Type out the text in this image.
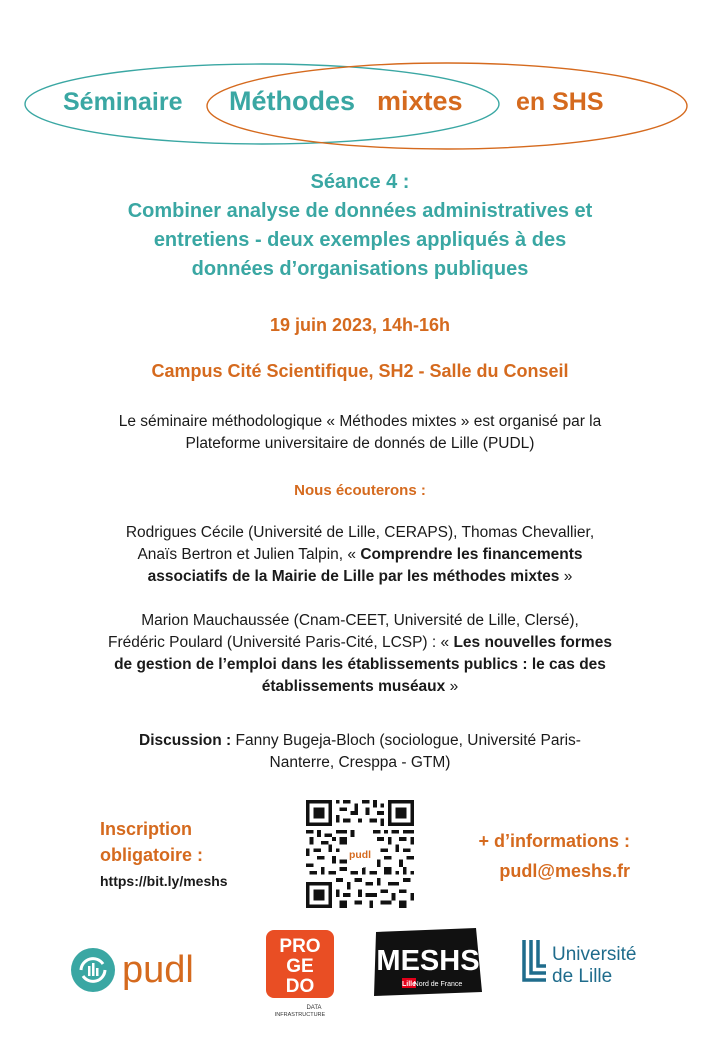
Séminaire Méthodes mixtes en SHS
Séance 4 :
Combiner analyse de données administratives et
entretiens - deux exemples appliqués à des
données d’organisations publiques
19 juin 2023, 14h-16h
Campus Cité Scientifique, SH2 - Salle du Conseil
Le séminaire méthodologique « Méthodes mixtes » est organisé par la
Plateforme universitaire de donnés de Lille (PUDL)
Nous écouterons :
Rodrigues Cécile (Université de Lille, CERAPS), Thomas Chevallier,
Anaïs Bertron et Julien Talpin, « Comprendre les financements
associatifs de la Mairie de Lille par les méthodes mixtes »
Marion Mauchaussée (Cnam-CEET, Université de Lille, Clersé),
Frédéric Poulard (Université Paris-Cité, LCSP) : « Les nouvelles formes
de gestion de l’emploi dans les établissements publics : le cas des
établissements muséaux »
Discussion : Fanny Bugeja-Bloch (sociologue, Université Paris-
Nanterre, Cresppa - GTM)
Inscription
obligatoire :
https://bit.ly/meshs
pudl
+ d’informations :
pudl@meshs.fr
pudl
PRO
GE
DO
DATA
INFRASTRUCTURE
MESHS
Lille
Nord de France
Université
de Lille
